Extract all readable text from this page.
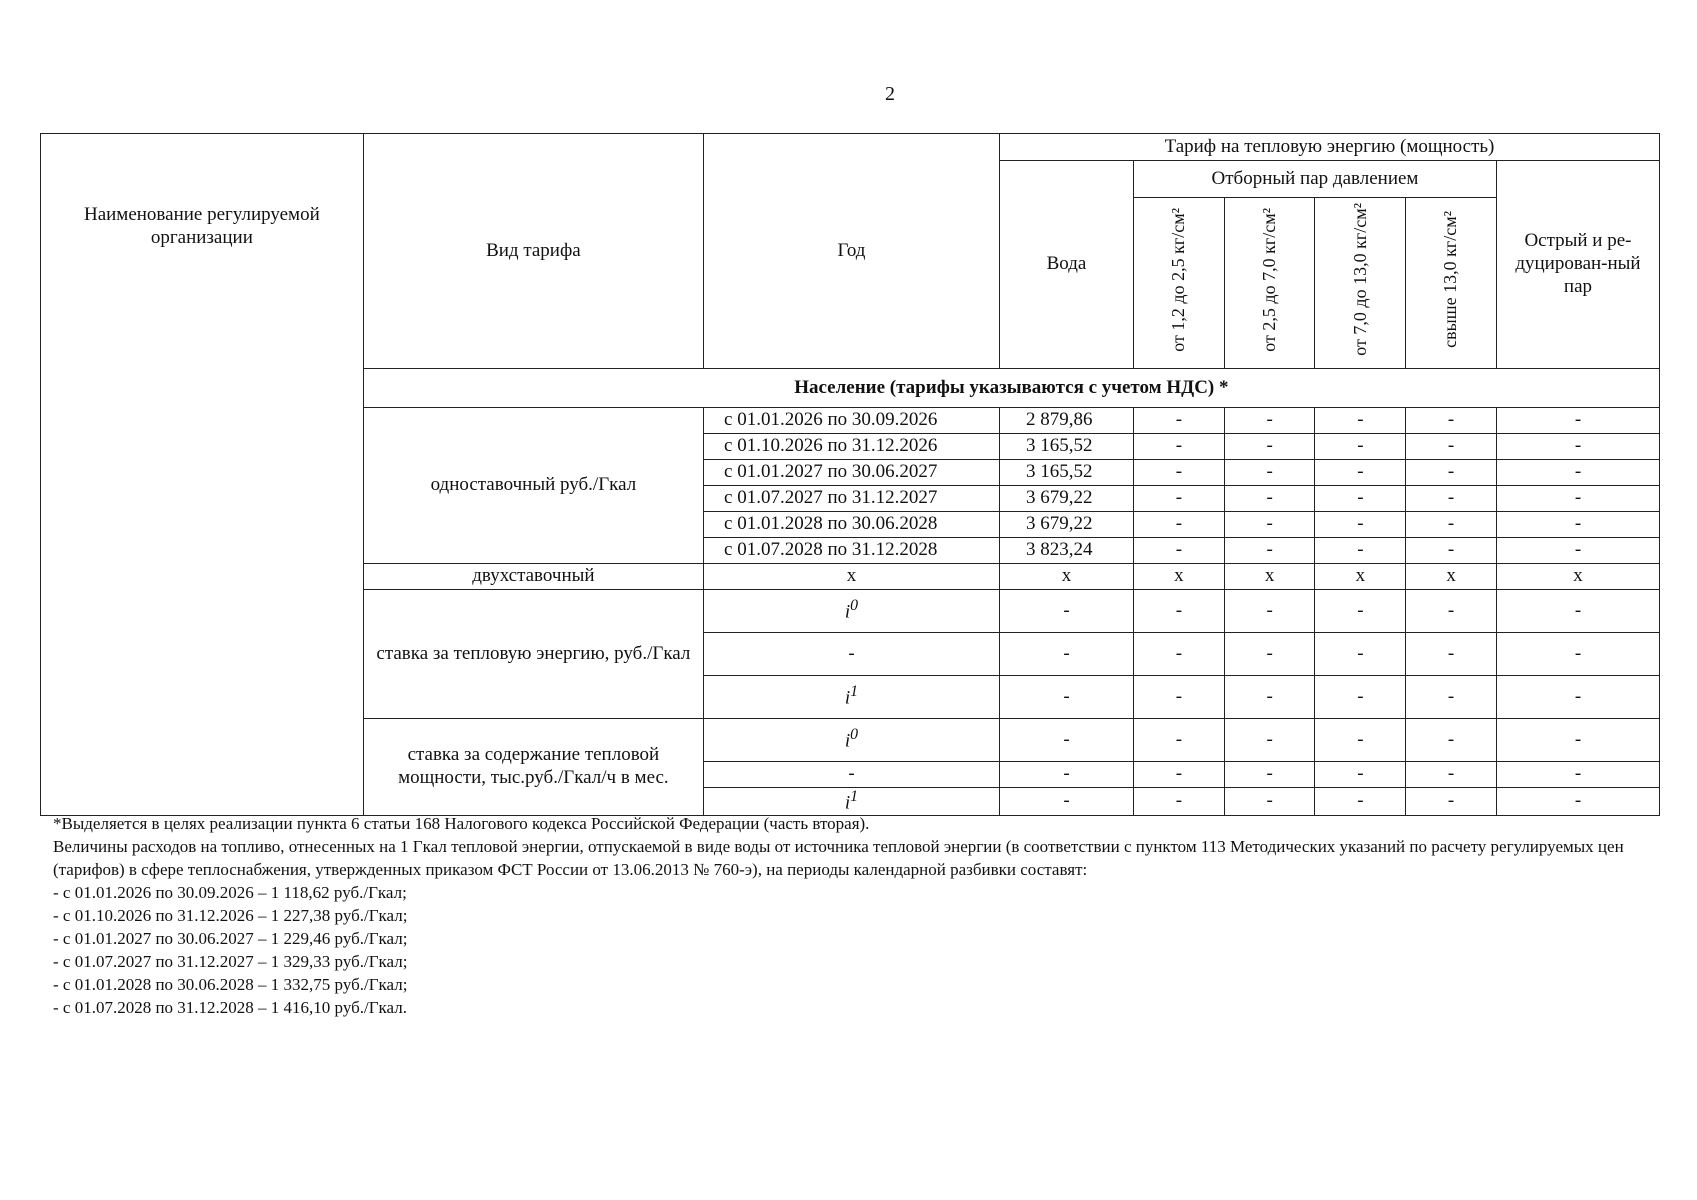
2
Наименование регулируемой организации	Вид тарифа	Год	Тариф на тепловую энергию (мощность)					
			Вода	Отборный пар давлением				Острый и ре-дуцирован-ный пар
				от 1,2 до 2,5 кг/см²	от 2,5 до 7,0 кг/см²	от 7,0 до 13,0 кг/см²	свыше 13,0 кг/см²	
	Население (тарифы указываются с учетом НДС) *							
	одноставочный руб./Гкал	с 01.01.2026 по 30.09.2026	2 879,86	-	-	-	-	-
		с 01.10.2026 по 31.12.2026	3 165,52	-	-	-	-	-
		с 01.01.2027 по 30.06.2027	3 165,52	-	-	-	-	-
		с 01.07.2027 по 31.12.2027	3 679,22	-	-	-	-	-
		с 01.01.2028 по 30.06.2028	3 679,22	-	-	-	-	-
		с 01.07.2028 по 31.12.2028	3 823,24	-	-	-	-	-
	двухставочный	x	x	x	x	x	x	x
	ставка за тепловую энергию, руб./Гкал	$i^0$	-	-	-	-	-	-
		-	-	-	-	-	-	-
		$i^1$	-	-	-	-	-	-
	ставка за содержание тепловой мощности, тыс.руб./Гкал/ч в мес.	$i^0$	-	-	-	-	-	-
		-	-	-	-	-	-	-
		$i^1$	-	-	-	-	-	-
*Выделяется в целях реализации пункта 6 статьи 168 Налогового кодекса Российской Федерации (часть вторая).
Величины расходов на топливо, отнесенных на 1 Гкал тепловой энергии, отпускаемой в виде воды от источника тепловой энергии (в соответствии с пунктом 113 Методических указаний по расчету регулируемых цен (тарифов) в сфере теплоснабжения, утвержденных приказом ФСТ России от 13.06.2013 № 760-э), на периоды календарной разбивки составят:
- с 01.01.2026 по 30.09.2026 – 1 118,62 руб./Гкал;
- с 01.10.2026 по 31.12.2026 – 1 227,38 руб./Гкал;
- с 01.01.2027 по 30.06.2027 – 1 229,46 руб./Гкал;
- с 01.07.2027 по 31.12.2027 – 1 329,33 руб./Гкал;
- с 01.01.2028 по 30.06.2028 – 1 332,75 руб./Гкал;
- с 01.07.2028 по 31.12.2028 – 1 416,10 руб./Гкал.
